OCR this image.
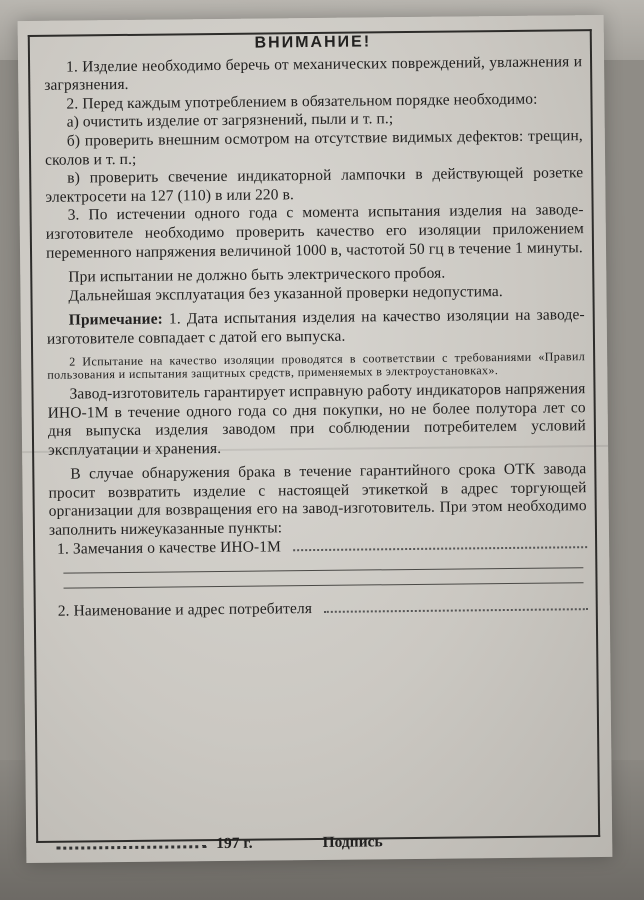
ВНИМАНИЕ!

1. Изделие необходимо беречь от механических повреждений, увлажнения и загрязнения.

2. Перед каждым употреблением в обязательном порядке необходимо:

а) очистить изделие от загрязнений, пыли и т. п.;

б) проверить внешним осмотром на отсутствие видимых дефектов: трещин, сколов и т. п.;

в) проверить свечение индикаторной лампочки в действующей розетке электросети на 127 (110) в или 220 в.

3. По истечении одного года с момента испытания изделия на заводе-изготовителе необходимо проверить качество его изоляции приложением переменного напряжения величиной 1000 в, частотой 50 гц в течение 1 минуты.

При испытании не должно быть электрического пробоя.

Дальнейшая эксплуатация без указанной проверки недопустима.

Примечание: 1. Дата испытания изделия на качество изоляции на заводе-изготовителе совпадает с датой его выпуска.

2 Испытание на качество изоляции проводятся в соответствии с требованиями «Правил пользования и испытания защитных средств, применяемых в электроустановках».

Завод-изготовитель гарантирует исправную работу индикаторов напряжения ИНО-1М в течение одного года со дня покупки, но не более полутора лет со дня выпуска изделия заводом при соблюдении потребителем условий эксплуатации и хранения.

В случае обнаружения брака в течение гарантийного срока ОТК завода просит возвратить изделие с настоящей этикеткой в адрес торгующей организации для возвращения его на завод-изготовитель. При этом необходимо заполнить нижеуказанные пункты:

1. Замечания о качестве ИНО-1М
2. Наименование и адрес потребителя
197 г.	Подпись
